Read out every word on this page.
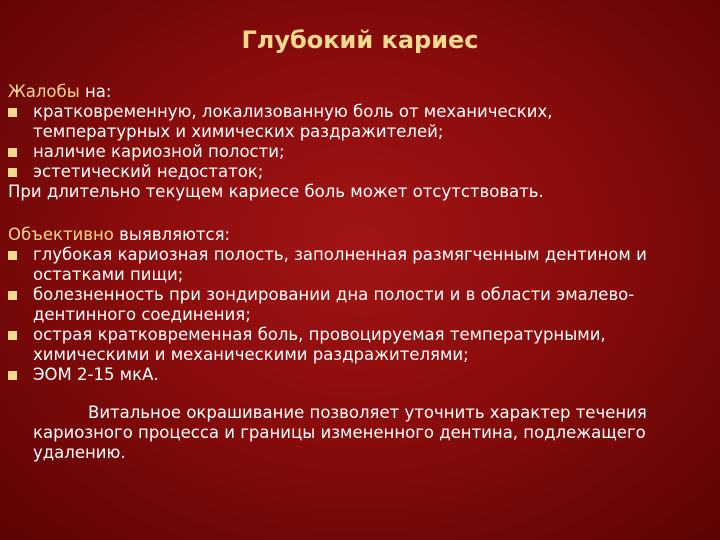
Глубокий кариес
Жалобы на:
кратковременную, локализованную боль от механических,
температурных и химических раздражителей;
наличие кариозной полости;
эстетический недостаток;
При длительно текущем кариесе боль может отсутствовать.
Объективно выявляются:
глубокая кариозная полость, заполненная размягченным дентином и
остатками пищи;
болезненность при зондировании дна полости и в области эмалево-
дентинного соединения;
острая кратковременная боль, провоцируемая температурными,
химическими и механическими раздражителями;
ЭОМ 2-15 мкА.
Витальное окрашивание позволяет уточнить характер течения
кариозного процесса и границы измененного дентина, подлежащего
удалению.
